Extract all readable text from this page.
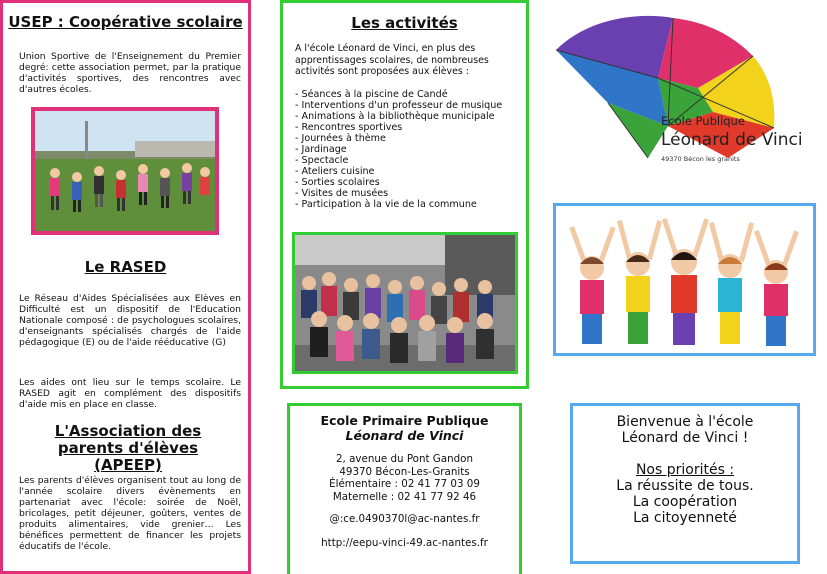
USEP : Coopérative scolaire
Union Sportive de l'Enseignement du Premier degré: cette association permet, par la pratique d'activités sportives, des rencontres avec d'autres écoles.
Le RASED
Le Réseau d'Aides Spécialisées aux Elèves en Difficulté est un dispositif de l'Education Nationale composé : de psychologues scolaires, d'enseignants spécialisés chargés de l'aide pédagogique (E) ou de l'aide rééducative (G)
Les aides ont lieu sur le temps scolaire. Le RASED agit en complément des dispositifs d'aide mis en place en classe.
L'Association des parents d'élèves (APEEP)
Les parents d'élèves organisent tout au long de l'année scolaire divers évènements en partenariat avec l'école: soirée de Noël, bricolages, petit déjeuner, goûters, ventes de produits alimentaires, vide grenier… Les bénéfices permettent de financer les projets éducatifs de l'école.
Les activités
A l'école Léonard de Vinci, en plus des apprentissages scolaires, de nombreuses activités sont proposées aux élèves :
- Séances à la piscine de Candé
- Interventions d'un professeur de musique
- Animations à la bibliothèque municipale
- Rencontres sportives
- Journées à thème
- Jardinage
- Spectacle
- Ateliers cuisine
- Sorties scolaires
- Visites de musées
- Participation à la vie de la commune
Ecole Primaire Publique
Léonard de Vinci
2, avenue du Pont Gandon
49370 Bécon-Les-Granits
Élémentaire : 02 41 77 03 09
Maternelle : 02 41 77 92 46
@:ce.0490370l@ac-nantes.fr
http://eepu-vinci-49.ac-nantes.fr
Ecole Publique
Léonard de Vinci
49370 Bécon les granits
Bienvenue à l'école
Léonard de Vinci !
Nos priorités :
La réussite de tous.
La coopération
La citoyenneté
